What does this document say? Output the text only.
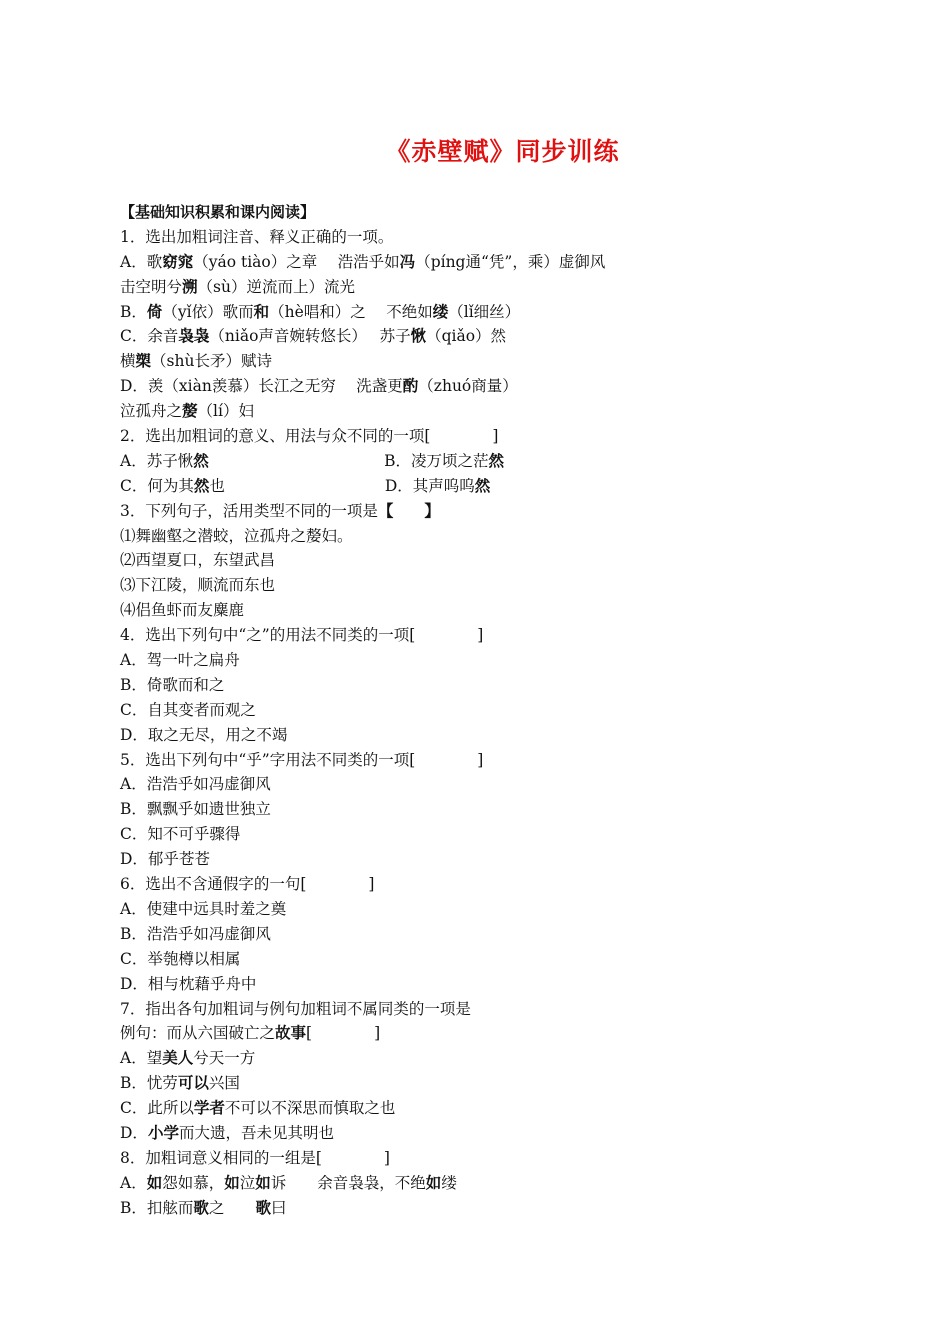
《赤壁赋》同步训练
【基础知识积累和课内阅读】
1．选出加粗词注音、释义正确的一项。
A．歌窈窕（yáo tiào）之章　 浩浩乎如冯（píng通“凭”，乘）虚御风
击空明兮溯（sù）逆流而上）流光
B．倚（yǐ依）歌而和（hè唱和）之　 不绝如缕（lǐ细丝）
C．余音袅袅（niǎo声音婉转悠长）　 苏子愀（qiǎo）然
横槊（shù长矛）赋诗
D．羡（xiàn羡慕）长江之无穷　 洗盏更酌（zhuó商量）
泣孤舟之嫠（lí）妇
2．选出加粗词的意义、用法与众不同的一项[　　　　]
A．苏子愀然　　　　　　　　　　　 B．凌万顷之茫然
C．何为其然也　　　　　　　　　　 D．其声呜呜然
3．下列句子，活用类型不同的一项是【　　】
⑴舞幽壑之潜蛟，泣孤舟之嫠妇。
⑵西望夏口，东望武昌
⑶下江陵，顺流而东也
⑷侣鱼虾而友麋鹿
4．选出下列句中“之”的用法不同类的一项[　　　　]
A．驾一叶之扁舟
B．倚歌而和之
C．自其变者而观之
D．取之无尽，用之不竭
5．选出下列句中“乎”字用法不同类的一项[　　　　]
A．浩浩乎如冯虚御风
B．飘飘乎如遗世独立
C．知不可乎骤得
D．郁乎苍苍
6．选出不含通假字的一句[　　　　]
A．使建中远具时羞之奠
B．浩浩乎如冯虚御风
C．举匏樽以相属
D．相与枕藉乎舟中
7．指出各句加粗词与例句加粗词不属同类的一项是
例句：而从六国破亡之故事[　　　　]
A．望美人兮天一方
B．忧劳可以兴国
C．此所以学者不可以不深思而慎取之也
D．小学而大遗，吾未见其明也
8．加粗词意义相同的一组是[　　　　]
A．如怨如慕，如泣如诉　　余音袅袅，不绝如缕
B．扣舷而歌之　　歌曰
